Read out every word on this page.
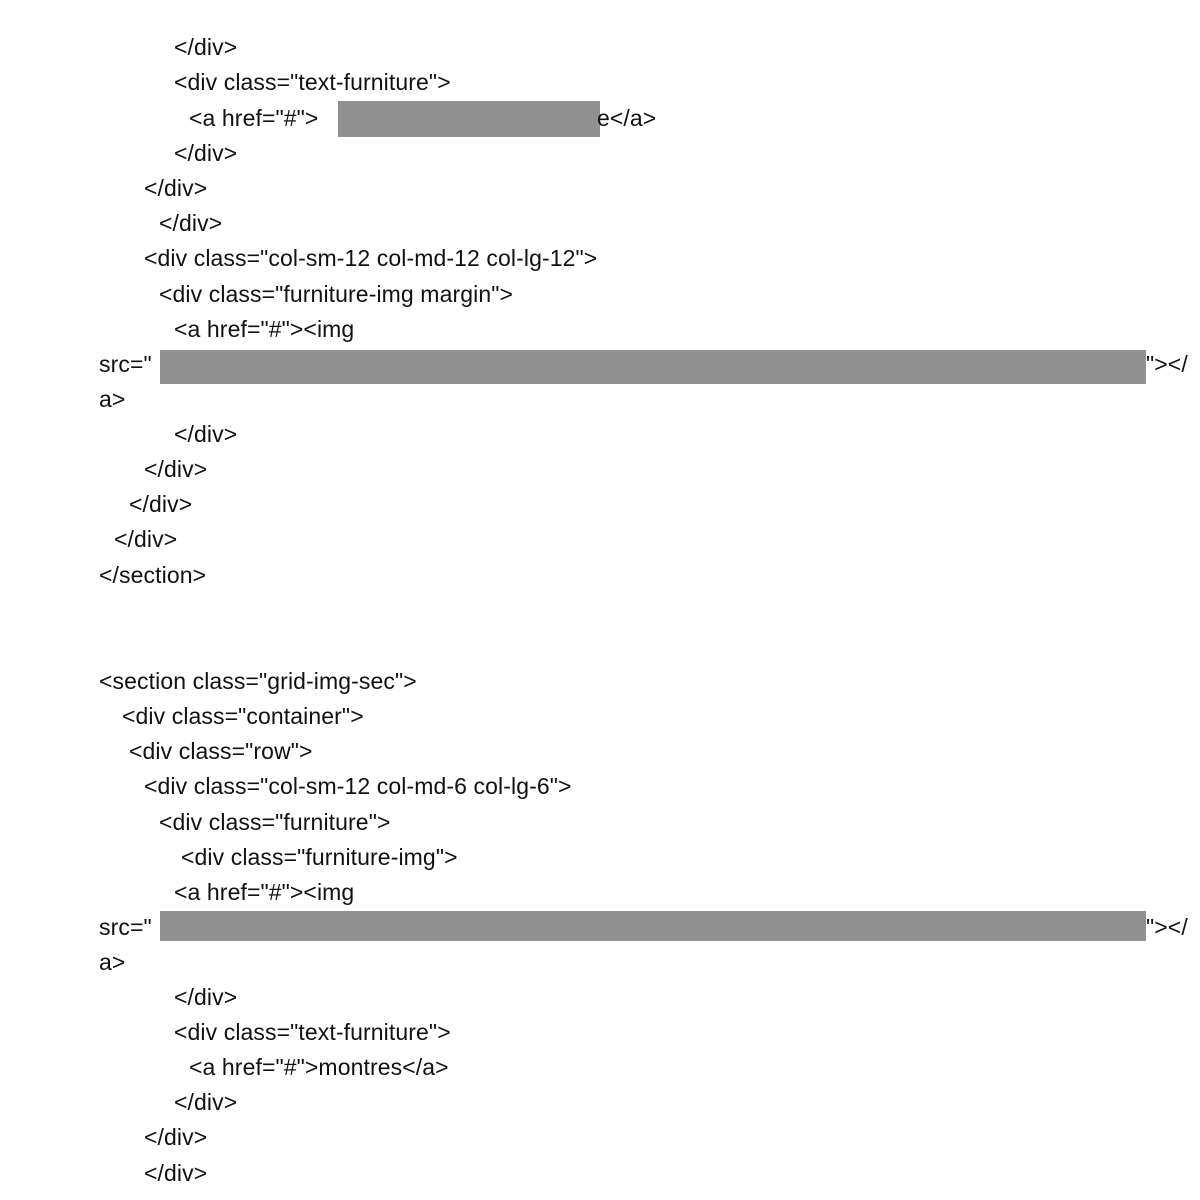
</div>
<div class="text-furniture">
<a href="#">	e</a>
</div>
</div>
</div>
<div class="col-sm-12 col-md-12 col-lg-12">
<div class="furniture-img margin">
<a href="#"><img
src="	"></
a>
</div>
</div>
</div>
</div>
</section>
<section class="grid-img-sec">
<div class="container">
<div class="row">
<div class="col-sm-12 col-md-6 col-lg-6">
<div class="furniture">
<div class="furniture-img">
<a href="#"><img
src="	"></
a>
</div>
<div class="text-furniture">
<a href="#">montres</a>
</div>
</div>
</div>
